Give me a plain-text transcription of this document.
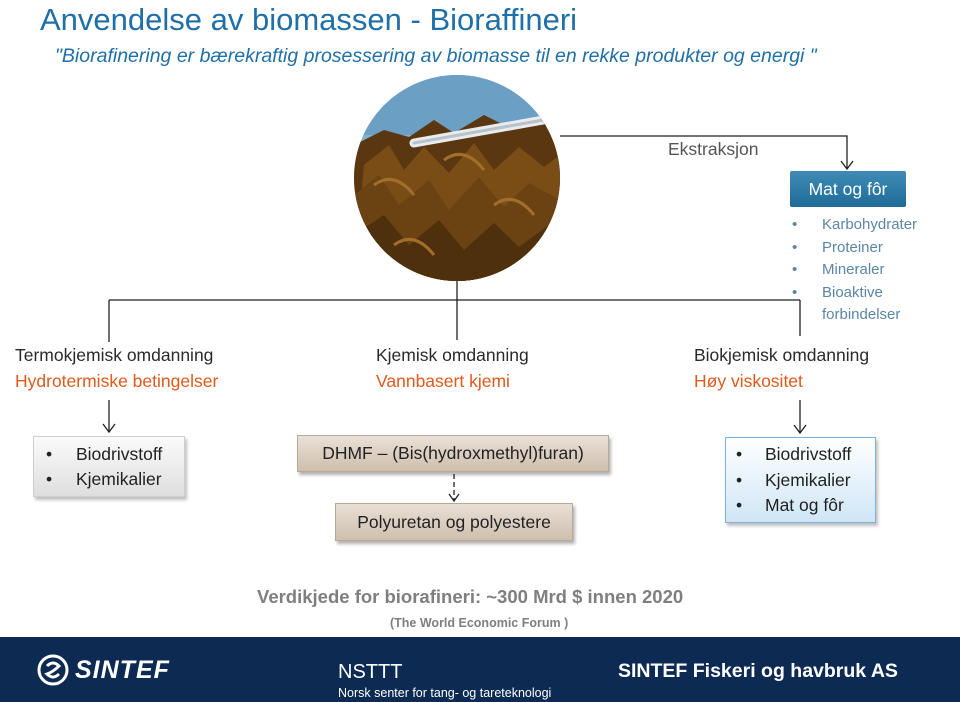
Anvendelse av biomassen - Bioraffineri
"Biorafinering er bærekraftig prosessering av biomasse til en rekke produkter og energi "
Termokjemisk omdanning
Hydrotermiske betingelser
Kjemisk omdanning
Vannbasert kjemi
Biokjemisk omdanning
Høy viskositet
Ekstraksjon
Mat og fôr
• Karbohydrater
• Proteiner
• Mineraler
• Bioaktive
forbindelser
• Biodrivstoff
• Kjemikalier
DHMF – (Bis(hydroxmethyl)furan)
Polyuretan og polyestere
• Biodrivstoff
• Kjemikalier
• Mat og fôr
Verdikjede for biorafineri: ~300 Mrd $ innen 2020
(The World Economic Forum )
SINTEF	NSTTT
Norsk senter for tang- og tareteknologi
SINTEF Fiskeri og havbruk AS
